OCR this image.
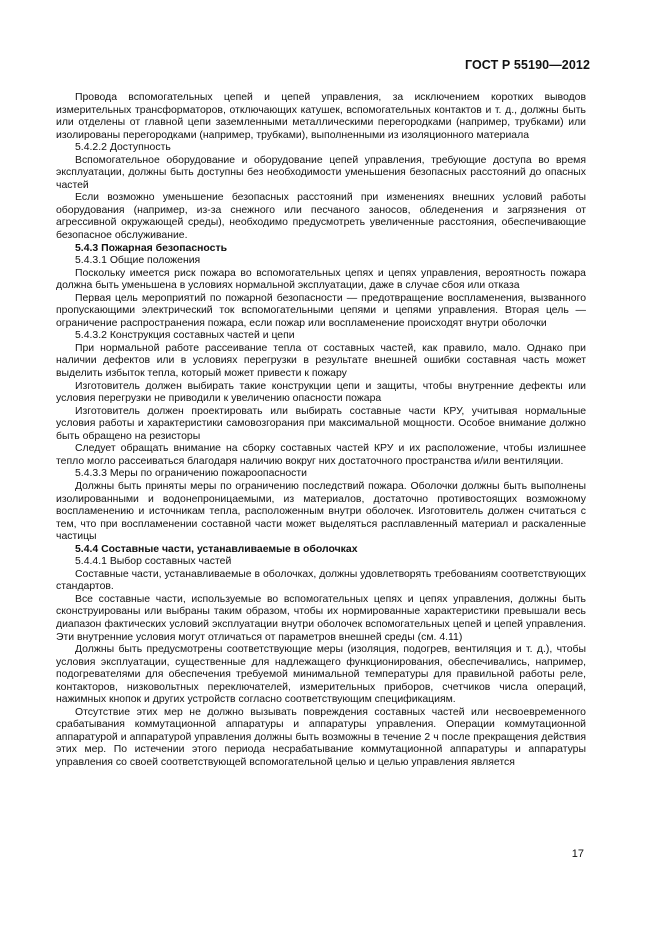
ГОСТ Р 55190—2012

Провода вспомогательных цепей и цепей управления, за исключением коротких выводов измерительных трансформаторов, отключающих катушек, вспомогательных контактов и т. д., должны быть или отделены от главной цепи заземленными металлическими перегородками (например, трубками) или изолированы перегородками (например, трубками), выполненными из изоляционного материала

5.4.2.2 Доступность

Вспомогательное оборудование и оборудование цепей управления, требующие доступа во время эксплуатации, должны быть доступны без необходимости уменьшения безопасных расстояний до опасных частей

Если возможно уменьшение безопасных расстояний при изменениях внешних условий работы оборудования (например, из-за снежного или песчаного заносов, обледенения и загрязнения от агрессивной окружающей среды), необходимо предусмотреть увеличенные расстояния, обеспечивающие безопасное обслуживание.

5.4.3 Пожарная безопасность

5.4.3.1 Общие положения

Поскольку имеется риск пожара во вспомогательных цепях и цепях управления, вероятность пожара должна быть уменьшена в условиях нормальной эксплуатации, даже в случае сбоя или отказа

Первая цель мероприятий по пожарной безопасности — предотвращение воспламенения, вызванного пропускающими электрический ток вспомогательными цепями и цепями управления. Вторая цель — ограничение распространения пожара, если пожар или воспламенение происходят внутри оболочки

5.4.3.2 Конструкция составных частей и цепи

При нормальной работе рассеивание тепла от составных частей, как правило, мало. Однако при наличии дефектов или в условиях перегрузки в результате внешней ошибки составная часть может выделить избыток тепла, который может привести к пожару

Изготовитель должен выбирать такие конструкции цепи и защиты, чтобы внутренние дефекты или условия перегрузки не приводили к увеличению опасности пожара

Изготовитель должен проектировать или выбирать составные части КРУ, учитывая нормальные условия работы и характеристики самовозгорания при максимальной мощности. Особое внимание должно быть обращено на резисторы

Следует обращать внимание на сборку составных частей КРУ и их расположение, чтобы излишнее тепло могло рассеиваться благодаря наличию вокруг них достаточного пространства и/или вентиляции.

5.4.3.3 Меры по ограничению пожароопасности

Должны быть приняты меры по ограничению последствий пожара. Оболочки должны быть выполнены изолированными и водонепроницаемыми, из материалов, достаточно противостоящих возможному воспламенению и источникам тепла, расположенным внутри оболочек. Изготовитель должен считаться с тем, что при воспламенении составной части может выделяться расплавленный материал и раскаленные частицы

5.4.4 Составные части, устанавливаемые в оболочках

5.4.4.1 Выбор составных частей

Составные части, устанавливаемые в оболочках, должны удовлетворять требованиям соответствующих стандартов.

Все составные части, используемые во вспомогательных цепях и цепях управления, должны быть сконструированы или выбраны таким образом, чтобы их нормированные характеристики превышали весь диапазон фактических условий эксплуатации внутри оболочек вспомогательных цепей и цепей управления. Эти внутренние условия могут отличаться от параметров внешней среды (см. 4.11)

Должны быть предусмотрены соответствующие меры (изоляция, подогрев, вентиляция и т. д.), чтобы условия эксплуатации, существенные для надлежащего функционирования, обеспечивались, например, подогревателями для обеспечения требуемой минимальной температуры для правильной работы реле, контакторов, низковольтных переключателей, измерительных приборов, счетчиков числа операций, нажимных кнопок и других устройств согласно соответствующим спецификациям.

Отсутствие этих мер не должно вызывать повреждения составных частей или несвоевременного срабатывания коммутационной аппаратуры и аппаратуры управления. Операции коммутационной аппаратурой и аппаратурой управления должны быть возможны в течение 2 ч после прекращения действия этих мер. По истечении этого периода несрабатывание коммутационной аппаратуры и аппаратуры управления со своей соответствующей вспомогательной целью и целью управления является

17
